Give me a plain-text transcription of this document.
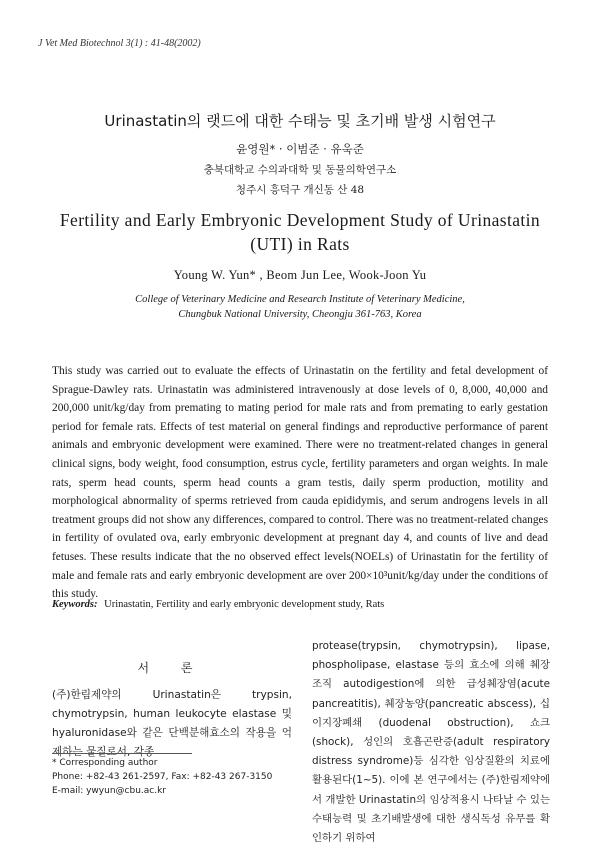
J Vet Med Biotechnol 3(1) : 41-48(2002)
Urinastatin의 랫드에 대한 수태능 및 초기배 발생 시험연구
윤영원* · 이범준 · 유욱준
충북대학교 수의과대학 및 동물의학연구소
청주시 흥덕구 개신동 산 48
Fertility and Early Embryonic Development Study of Urinastatin (UTI) in Rats
Young W. Yun* , Beom Jun Lee, Wook-Joon Yu
College of Veterinary Medicine and Research Institute of Veterinary Medicine,
Chungbuk National University, Cheongju 361-763, Korea
This study was carried out to evaluate the effects of Urinastatin on the fertility and fetal development of Sprague-Dawley rats. Urinastatin was administered intravenously at dose levels of 0, 8,000, 40,000 and 200,000 unit/kg/day from premating to mating period for male rats and from premating to early gestation period for female rats. Effects of test material on general findings and reproductive performance of parent animals and embryonic development were examined. There were no treatment-related changes in general clinical signs, body weight, food consumption, estrus cycle, fertility parameters and organ weights. In male rats, sperm head counts, sperm head counts a gram testis, daily sperm production, motility and morphological abnormality of sperms retrieved from cauda epididymis, and serum androgens levels in all treatment groups did not show any differences, compared to control. There was no treatment-related changes in fertility of ovulated ova, early embryonic development at pregnant day 4, and counts of live and dead fetuses. These results indicate that the no observed effect levels(NOELs) of Urinastatin for the fertility of male and female rats and early embryonic development are over 200×10³unit/kg/day under the conditions of this study.
Keywords: Urinastatin, Fertility and early embryonic development study, Rats
서 론
(주)한림제약의 Urinastatin은 trypsin, chymotrypsin, human leukocyte elastase 및 hyaluronidase와 같은 단백분해효소의 작용을 억제하는 물질로서, 각종
protease(trypsin, chymotrypsin), lipase, phospholipase, elastase 등의 효소에 의해 췌장조직 autodigestion에 의한 급성췌장염(acute pancreatitis), 췌장농양(pancreatic abscess), 십이지장폐쇄 (duodenal obstruction), 쇼크(shock), 성인의 호흡곤란증(adult respiratory distress syndrome)등 심각한 임상질환의 치료에 활용된다(1~5). 이에 본 연구에서는 (주)한림제약에서 개발한 Urinastatin의 임상적용시 나타날 수 있는 수태능력 및 초기배발생에 대한 생식독성 유무를 확인하기 위하여
* Corresponding author
Phone: +82-43 261-2597, Fax: +82-43 267-3150
E-mail: ywyun@cbu.ac.kr
